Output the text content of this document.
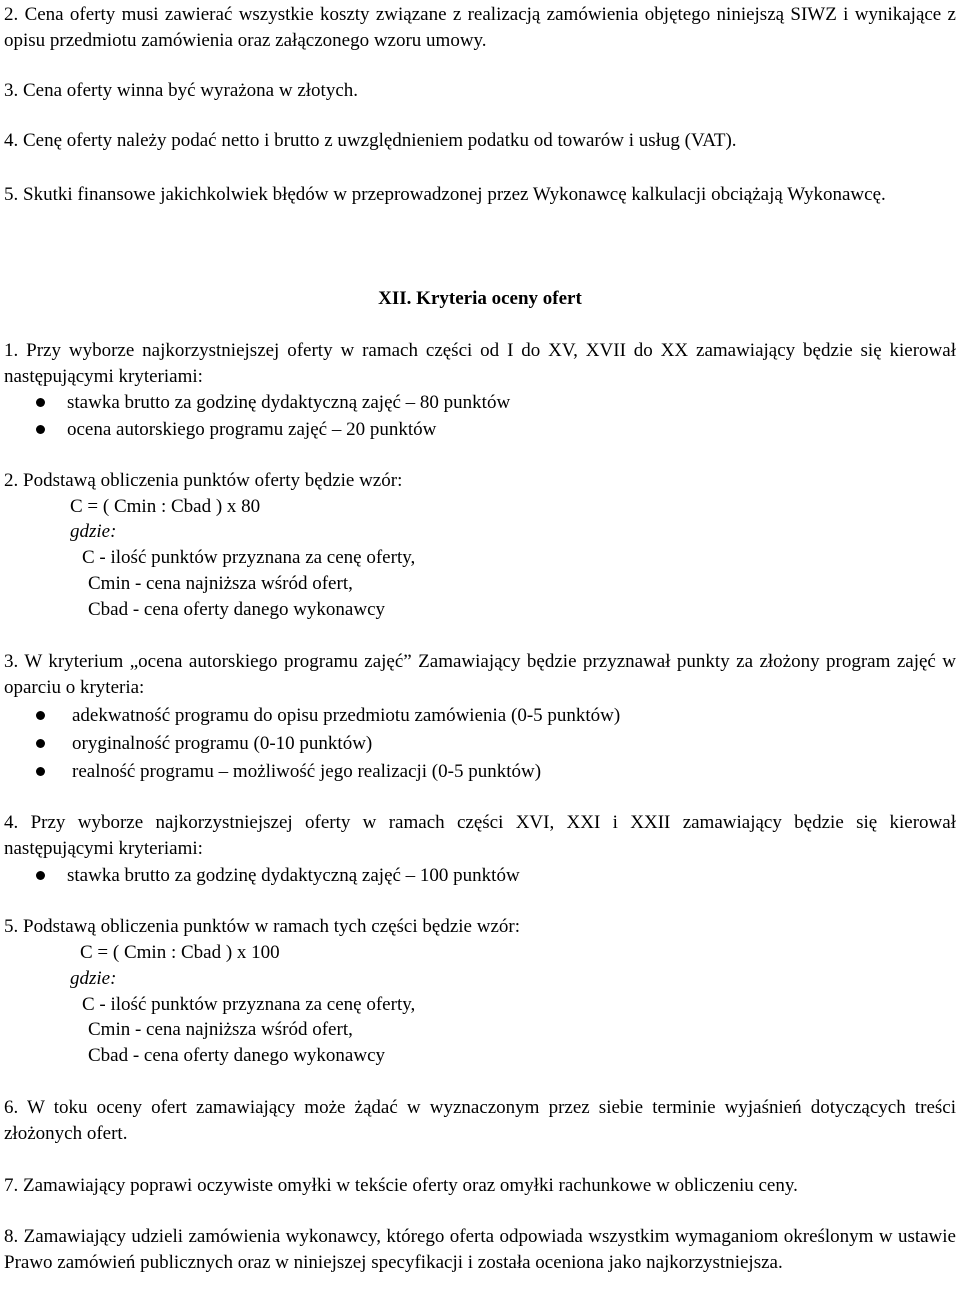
2. Cena oferty musi zawierać wszystkie koszty związane z realizacją zamówienia objętego niniejszą SIWZ i wynikające z opisu przedmiotu zamówienia oraz załączonego wzoru umowy.

3. Cena oferty winna być wyrażona w złotych.

4. Cenę oferty należy podać netto i brutto z uwzględnieniem podatku od towarów i usług (VAT).

5. Skutki finansowe jakichkolwiek błędów w przeprowadzonej przez Wykonawcę kalkulacji obciążają Wykonawcę.

XII. Kryteria oceny ofert

1. Przy wyborze najkorzystniejszej oferty w ramach części od I do XV, XVII do XX zamawiający będzie się kierował następującymi kryteriami:

stawka brutto za godzinę dydaktyczną zajęć – 80 punktów
ocena autorskiego programu zajęć – 20 punktów

2. Podstawą obliczenia punktów oferty będzie wzór:

C = ( Cmin : Cbad ) x 80
gdzie:
C - ilość punktów przyznana za cenę oferty,
Cmin - cena najniższa wśród ofert,
Cbad - cena oferty danego wykonawcy

3. W kryterium „ocena autorskiego programu zajęć” Zamawiający będzie przyznawał punkty za złożony program zajęć w oparciu o kryteria:

adekwatność programu do opisu przedmiotu zamówienia (0-5 punktów)
oryginalność programu (0-10 punktów)
realność programu – możliwość jego realizacji (0-5 punktów)

4. Przy wyborze najkorzystniejszej oferty w ramach części XVI, XXI i XXII zamawiający będzie się kierował następującymi kryteriami:

stawka brutto za godzinę dydaktyczną zajęć – 100 punktów

5. Podstawą obliczenia punktów w ramach tych części będzie wzór:

C = ( Cmin : Cbad ) x 100
gdzie:
C - ilość punktów przyznana za cenę oferty,
Cmin - cena najniższa wśród ofert,
Cbad - cena oferty danego wykonawcy

6. W toku oceny ofert zamawiający może żądać w wyznaczonym przez siebie terminie wyjaśnień dotyczących treści złożonych ofert.

7. Zamawiający poprawi oczywiste omyłki w tekście oferty oraz omyłki rachunkowe w obliczeniu ceny.

8. Zamawiający udzieli zamówienia wykonawcy, którego oferta odpowiada wszystkim wymaganiom określonym w ustawie Prawo zamówień publicznych oraz w niniejszej specyfikacji i została oceniona jako najkorzystniejsza.
